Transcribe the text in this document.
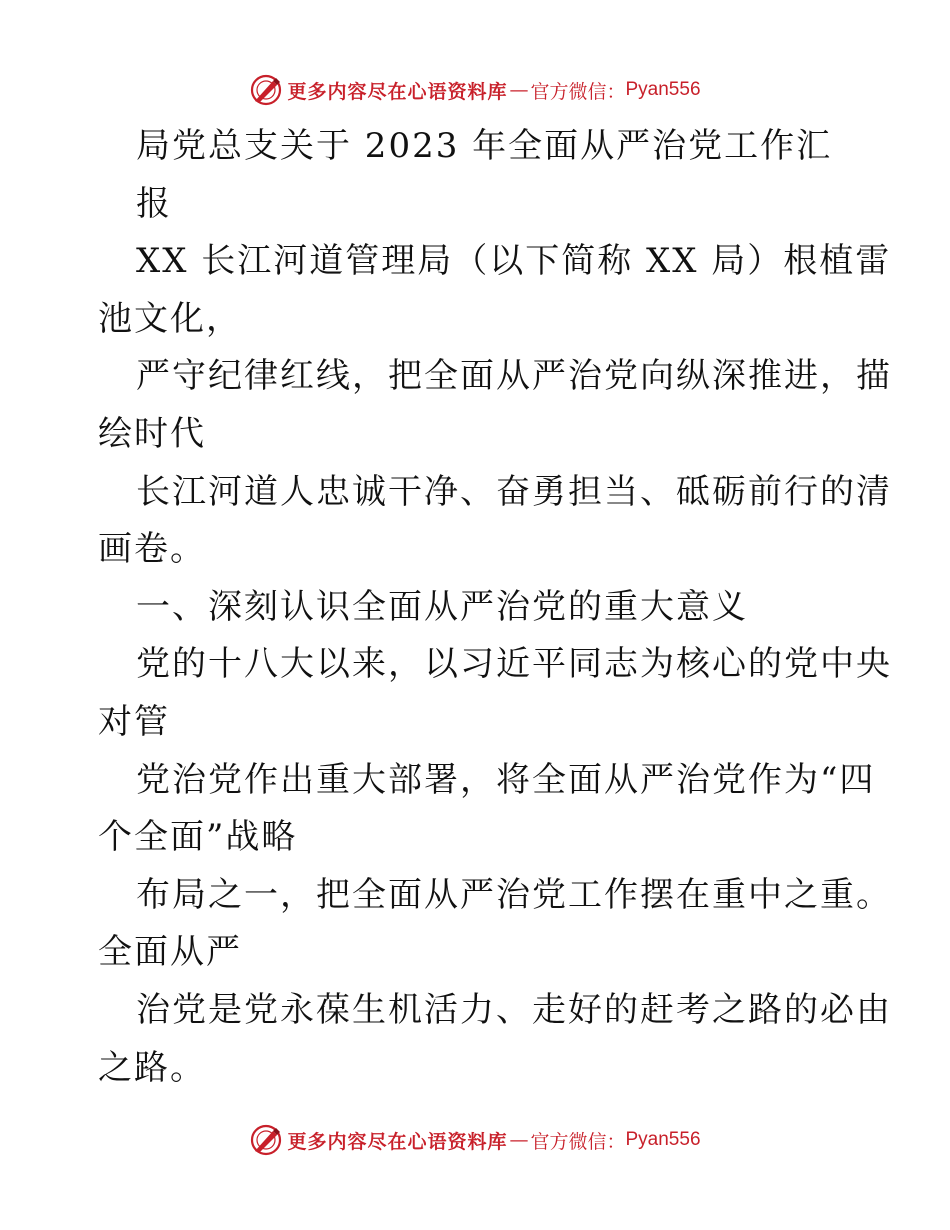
更多内容尽在心语资料库 — 官方微信： Pyan556
局党总支关于 2023 年全面从严治党工作汇
报
XX 长江河道管理局（以下简称 XX 局）根植雷
池文化，
严守纪律红线，把全面从严治党向纵深推进，描
绘时代
长江河道人忠诚干净、奋勇担当、砥砺前行的清
画卷。
一、深刻认识全面从严治党的重大意义
党的十八大以来，以习近平同志为核心的党中央
对管
党治党作出重大部署，将全面从严治党作为“四
个全面”战略
布局之一，把全面从严治党工作摆在重中之重。
全面从严
治党是党永葆生机活力、走好的赶考之路的必由
之路。
更多内容尽在心语资料库 — 官方微信： Pyan556
